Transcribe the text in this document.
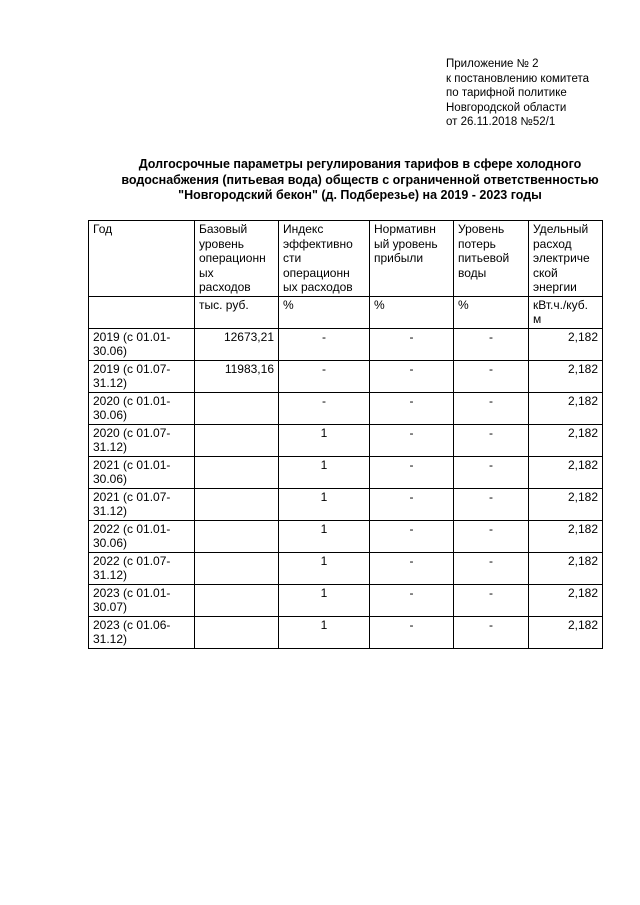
Приложение № 2
к постановлению комитета
по тарифной политике
Новгородской области
от 26.11.2018 №52/1
Долгосрочные параметры регулирования тарифов в сфере холодного
водоснабжения (питьевая вода) обществ с ограниченной ответственностью
"Новгородский бекон" (д. Подберезье) на 2019 - 2023 годы
Год	Базовый
уровень
операционн
ых
расходов	Индекс
эффективно
сти
операционн
ых расходов	Нормативн
ый уровень
прибыли	Уровень
потерь
питьевой
воды	Удельный
расход
электриче
ской
энергии
	тыс. руб.	%	%	%	кВт.ч./куб.
м
2019 (с 01.01-
30.06)	12673,21	-	-	-	2,182
2019 (с 01.07-
31.12)	11983,16	-	-	-	2,182
2020 (с 01.01-
30.06)		-	-	-	2,182
2020 (с 01.07-
31.12)		1	-	-	2,182
2021 (с 01.01-
30.06)		1	-	-	2,182
2021 (с 01.07-
31.12)		1	-	-	2,182
2022 (с 01.01-
30.06)		1	-	-	2,182
2022 (с 01.07-
31.12)		1	-	-	2,182
2023 (с 01.01-
30.07)		1	-	-	2,182
2023 (с 01.06-
31.12)		1	-	-	2,182
